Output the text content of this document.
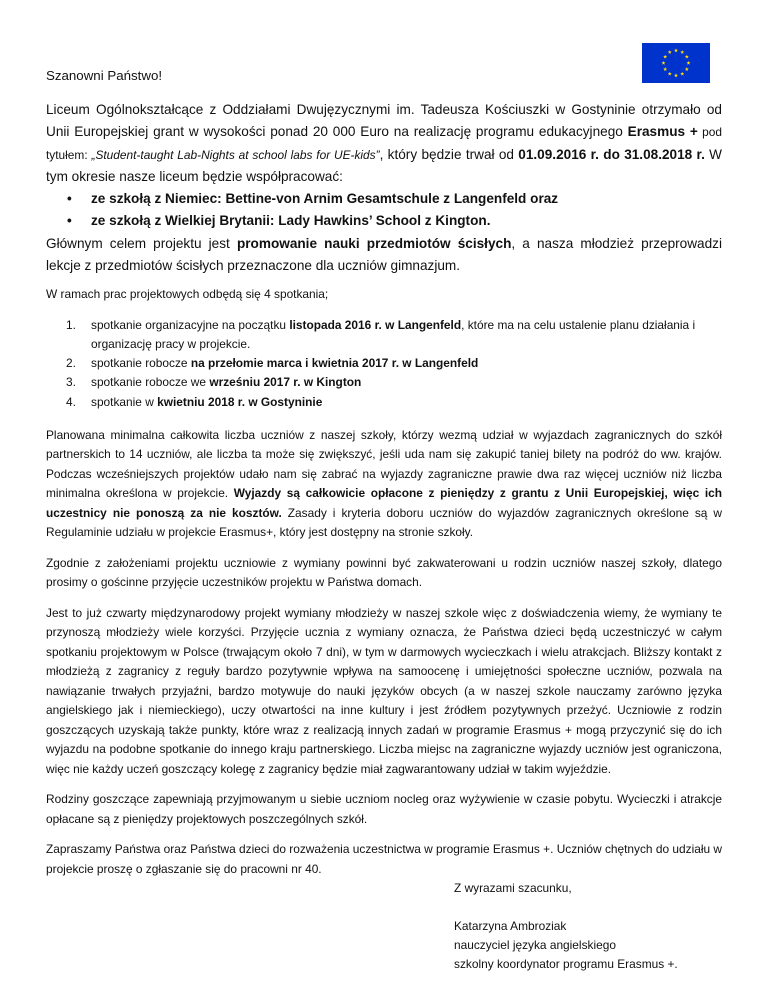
Szanowni Państwo!

Liceum Ogólnokształcące z Oddziałami Dwujęzycznymi im. Tadeusza Kościuszki w Gostyninie otrzymało od Unii Europejskiej grant w wysokości ponad 20 000 Euro na realizację programu edukacyjnego Erasmus + pod tytułem: „Student-taught Lab-Nights at school labs for UE-kids”, który będzie trwał od 01.09.2016 r. do 31.08.2018 r. W tym okresie nasze liceum będzie współpracować:

• ze szkołą z Niemiec: Bettine-von Arnim Gesamtschule z Langenfeld oraz
• ze szkołą z Wielkiej Brytanii: Lady Hawkins’ School z Kington.

Głównym celem projektu jest promowanie nauki przedmiotów ścisłych, a nasza młodzież przeprowadzi lekcje z przedmiotów ścisłych przeznaczone dla uczniów gimnazjum.

W ramach prac projektowych odbędą się 4 spotkania;

1. spotkanie organizacyjne na początku listopada 2016 r. w Langenfeld, które ma na celu ustalenie planu działania i organizację pracy w projekcie.
2. spotkanie robocze na przełomie marca i kwietnia 2017 r. w Langenfeld
3. spotkanie robocze we wrześniu 2017 r. w Kington
4. spotkanie w kwietniu 2018 r. w Gostyninie

Planowana minimalna całkowita liczba uczniów z naszej szkoły, którzy wezmą udział w wyjazdach zagranicznych do szkół partnerskich to 14 uczniów, ale liczba ta może się zwiększyć, jeśli uda nam się zakupić taniej bilety na podróż do ww. krajów. Podczas wcześniejszych projektów udało nam się zabrać na wyjazdy zagraniczne prawie dwa raz więcej uczniów niż liczba minimalna określona w projekcie. Wyjazdy są całkowicie opłacone z pieniędzy z grantu z Unii Europejskiej, więc ich uczestnicy nie ponoszą za nie kosztów. Zasady i kryteria doboru uczniów do wyjazdów zagranicznych określone są w Regulaminie udziału w projekcie Erasmus+, który jest dostępny na stronie szkoły.

Zgodnie z założeniami projektu uczniowie z wymiany powinni być zakwaterowani u rodzin uczniów naszej szkoły, dlatego prosimy o gościnne przyjęcie uczestników projektu w Państwa domach.

Jest to już czwarty międzynarodowy projekt wymiany młodzieży w naszej szkole więc z doświadczenia wiemy, że wymiany te przynoszą młodzieży wiele korzyści. Przyjęcie ucznia z wymiany oznacza, że Państwa dzieci będą uczestniczyć w całym spotkaniu projektowym w Polsce (trwającym około 7 dni), w tym w darmowych wycieczkach i wielu atrakcjach. Bliższy kontakt z młodzieżą z zagranicy z reguły bardzo pozytywnie wpływa na samoocenę i umiejętności społeczne uczniów, pozwala na nawiązanie trwałych przyjaźni, bardzo motywuje do nauki języków obcych (a w naszej szkole nauczamy zarówno języka angielskiego jak i niemieckiego), uczy otwartości na inne kultury i jest źródłem pozytywnych przeżyć. Uczniowie z rodzin goszczących uzyskają także punkty, które wraz z realizacją innych zadań w programie Erasmus + mogą przyczynić się do ich wyjazdu na podobne spotkanie do innego kraju partnerskiego. Liczba miejsc na zagraniczne wyjazdy uczniów jest ograniczona, więc nie każdy uczeń goszczący kolegę z zagranicy będzie miał zagwarantowany udział w takim wyjeździe.

Rodziny goszczące zapewniają przyjmowanym u siebie uczniom nocleg oraz wyżywienie w czasie pobytu. Wycieczki i atrakcje opłacane są z pieniędzy projektowych poszczególnych szkół.

Zapraszamy Państwa oraz Państwa dzieci do rozważenia uczestnictwa w programie Erasmus +. Uczniów chętnych do udziału w projekcie proszę o zgłaszanie się do pracowni nr 40.

Z wyrazami szacunku,

Katarzyna Ambroziak

nauczyciel języka angielskiego

szkolny koordynator programu Erasmus +.
